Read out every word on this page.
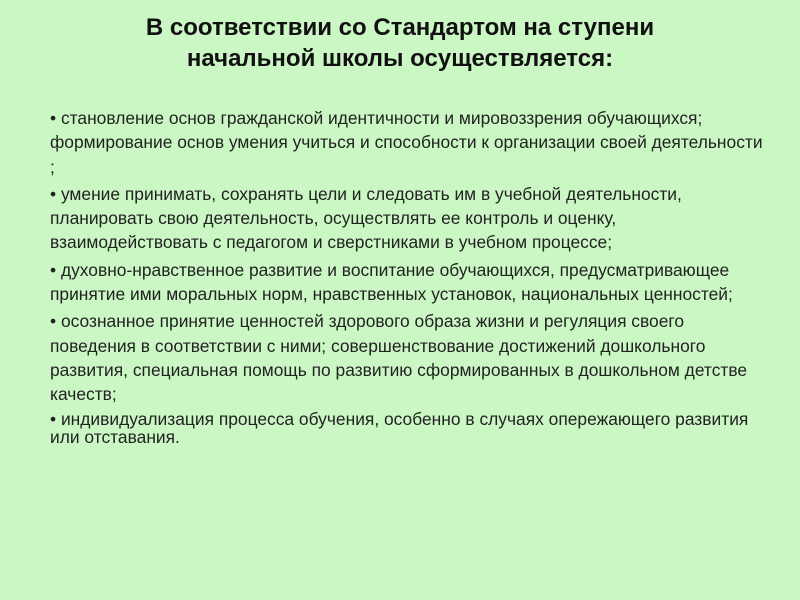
В соответствии со Стандартом на ступени
начальной школы осуществляется:
• становление основ гражданской идентичности и мировоззрения обучающихся; формирование основ умения учиться и способности к организации своей деятельности ;
• умение принимать, сохранять цели и следовать им в учебной деятельности, планировать свою деятельность, осуществлять ее контроль и оценку, взаимодействовать с педагогом и сверстниками в учебном процессе;
• духовно-нравственное развитие и воспитание обучающихся, предусматривающее принятие ими моральных норм, нравственных установок, национальных ценностей;
• осознанное принятие ценностей здорового образа жизни и регуляция своего поведения в соответствии с ними; совершенствование достижений дошкольного развития, специальная помощь по развитию сформированных в дошкольном детстве качеств;
• индивидуализация процесса обучения, особенно в случаях опережающего развития или отставания.
